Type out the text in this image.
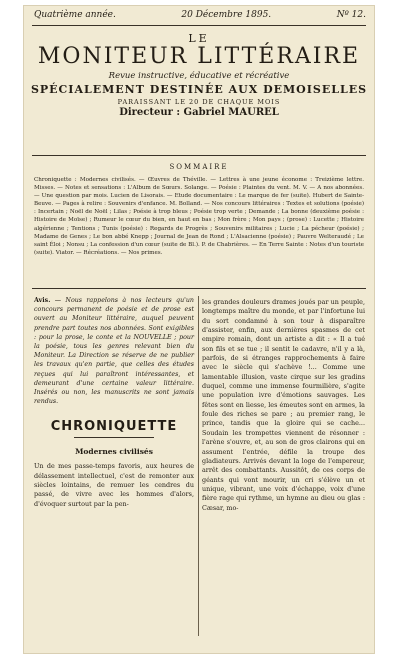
Quatrième année.	20 Décembre 1895.	Nº 12.
LE
MONITEUR LITTÉRAIRE
Revue instructive, éducative et récréative
SPÉCIALEMENT DESTINÉE AUX DEMOISELLES
PARAISSANT LE 20 DE CHAQUE MOIS
Directeur : Gabriel MAUREL
SOMMAIRE
Chroniquette : Modernes civilisés. — Œuvres de Théville. — Lettres à une jeune économe : Treizième lettre. Misses. — Notes et sensations : L'Album de Sœurs. Solange. — Poésie : Plaintes du vent. M. V. — A nos abonnées. — Une question par mois. Lucien de Lisorais. — Etude documentaire : Le marque de fer (suite). Hubert de Sainte-Beuve. — Pages à relire : Souvenirs d'enfance. M. Bolland. — Nos concours littéraires : Textes et solutions (poésie) : Incertain ; Noël de Noël ; Lilas ; Poésie à trop bleus ; Poésie trop verte ; Demande ; La bonne (deuxième poésie : Histoire de Moïse) ; Rumeur le cœur du bien, en haut en bas ; Mon frère ; Mon pays ; (prose) : Lucette ; Histoire algérienne ; Tentions ; Tunis (poésie) : Regards de Progrès ; Souvenirs militaires ; Lucie ; La pécheur (poésie) ; Madame de Genes ; Le bon abbé Knepp ; Journal de Jean de Rond ; L'Alsacienne (poésie) ; Pauvre Welteraudé ; Le saint Éloi ; Nonsu ; La confession d'un cœur (suite de Bl.). P. de Chabrières. — En Terre Sainte : Notes d'un touriste (suite). Viator. — Récréations. — Nos primes.
Avis. — Nous rappelons à nos lecteurs qu'un concours permanent de poésie et de prose est ouvert au Moniteur littéraire, auquel peuvent prendre part toutes nos abonnées. Sont exigibles : pour la prose, le conte et la NOUVELLE ; pour la poésie, tous les genres relevant bien du Moniteur. La Direction se réserve de ne publier les travaux qu'en partie, que celles des études reçues qui lui paraîtront intéressantes, et demeurant d'une certaine valeur littéraire. Insérés ou non, les manuscrits ne sont jamais rendus.
CHRONIQUETTE
Modernes civilisés
Un de mes passe-temps favoris, aux heures de délassement intellectuel, c'est de remonter aux siècles lointains, de remuer les cendres du passé, de vivre avec les hommes d'alors, d'évoquer surtout par la pen-
les grandes douleurs drames joués par un peuple, longtemps maître du monde, et par l'infortune lui du sort condamné à son tour à disparaître d'assister, enfin, aux dernières spasmes de cet empire romain, dont un artiste a dit : « Il a tué son fils et se tue ; il sentit le cadavre, n'il y a là, parfois, de si étranges rapprochements à faire avec le siècle qui s'achève !... Comme une lamentable illusion, vaste cirque sur les gradins duquel, comme une immense fourmilière, s'agite une population ivre d'émotions sauvages. Les fêtes sont en liesse, les émeutes sont en armes, la foule des riches se pare ; au premier rang, le prince, tandis que la gloire qui se cache... Soudain les trompettes viennent de résonner : l'arène s'ouvre, et, au son de gros clairons qui en assument l'entrée, défile la troupe des gladiateurs. Arrivés devant la loge de l'empereur, arrêt des combattants. Aussitôt, de ces corps de géants qui vont mourir, un cri s'élève un et unique, vibrant, une voix d'échappe, voix d'une fière rage qui rythme, un hymne au dieu ou glas : Cæsar, mo-
